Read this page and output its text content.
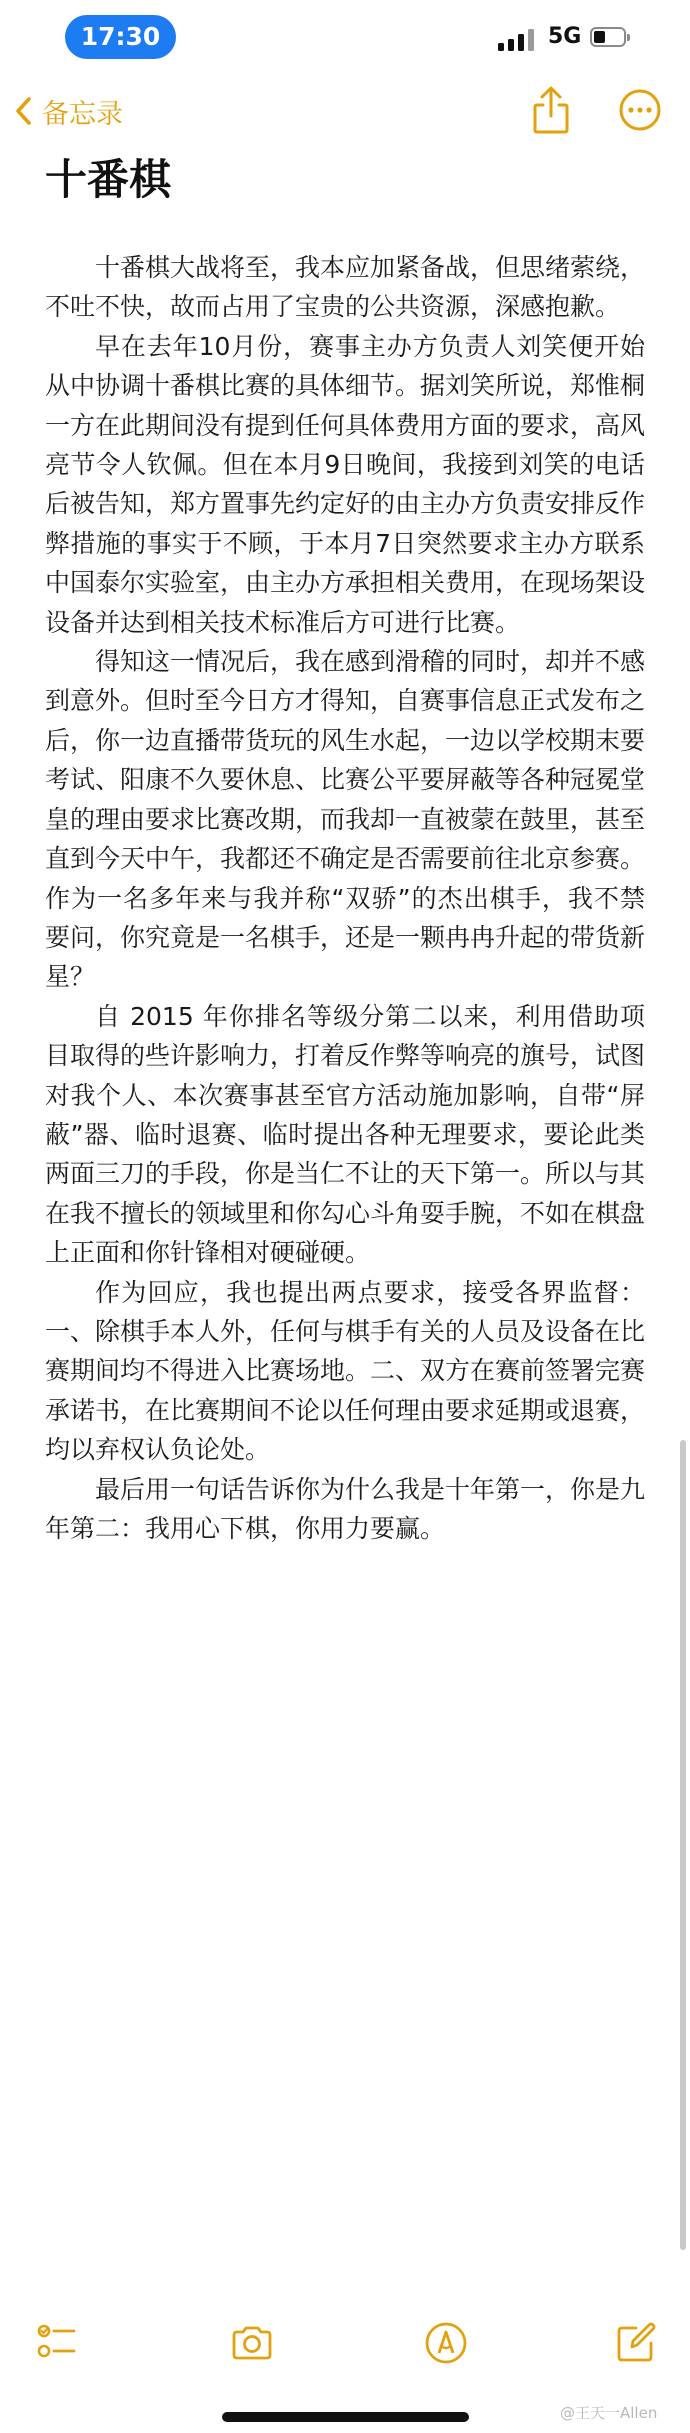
17:30	5G
备忘录
十番棋

十番棋大战将至，我本应加紧备战，但思绪萦绕，不吐不快，故而占用了宝贵的公共资源，深感抱歉。

早在去年10月份，赛事主办方负责人刘笑便开始从中协调十番棋比赛的具体细节。据刘笑所说，郑惟桐一方在此期间没有提到任何具体费用方面的要求，高风亮节令人钦佩。但在本月9日晚间，我接到刘笑的电话后被告知，郑方置事先约定好的由主办方负责安排反作弊措施的事实于不顾，于本月7日突然要求主办方联系中国泰尔实验室，由主办方承担相关费用，在现场架设设备并达到相关技术标准后方可进行比赛。

得知这一情况后，我在感到滑稽的同时，却并不感到意外。但时至今日方才得知，自赛事信息正式发布之后，你一边直播带货玩的风生水起，一边以学校期末要考试、阳康不久要休息、比赛公平要屏蔽等各种冠冕堂皇的理由要求比赛改期，而我却一直被蒙在鼓里，甚至直到今天中午，我都还不确定是否需要前往北京参赛。作为一名多年来与我并称“双骄”的杰出棋手，我不禁要问，你究竟是一名棋手，还是一颗冉冉升起的带货新星？

自 2015 年你排名等级分第二以来，利用借助项目取得的些许影响力，打着反作弊等响亮的旗号，试图对我个人、本次赛事甚至官方活动施加影响，自带“屏蔽”器、临时退赛、临时提出各种无理要求，要论此类两面三刀的手段，你是当仁不让的天下第一。所以与其在我不擅长的领域里和你勾心斗角耍手腕，不如在棋盘上正面和你针锋相对硬碰硬。

作为回应，我也提出两点要求，接受各界监督：一、除棋手本人外，任何与棋手有关的人员及设备在比赛期间均不得进入比赛场地。二、双方在赛前签署完赛承诺书，在比赛期间不论以任何理由要求延期或退赛，均以弃权认负论处。

最后用一句话告诉你为什么我是十年第一，你是九年第二：我用心下棋，你用力要赢。

@王天一Allen
